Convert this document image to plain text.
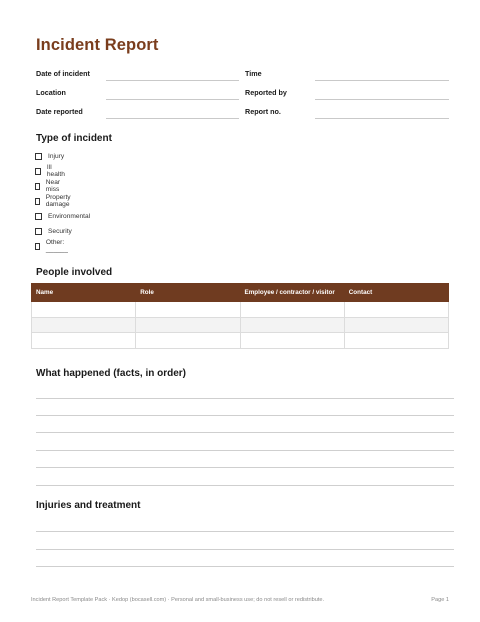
Incident Report
Date of incident	Time
Location	Reported by
Date reported	Report no.
Type of incident
Injury
Ill health
Near miss
Property damage
Environmental
Security
Other: ______
People involved
Name	Role	Employee / contractor / visitor	Contact

What happened (facts, in order)
Injuries and treatment
Incident Report Template Pack · Kedop (bocasell.com) · Personal and small-business use; do not resell or redistribute.	Page 1
